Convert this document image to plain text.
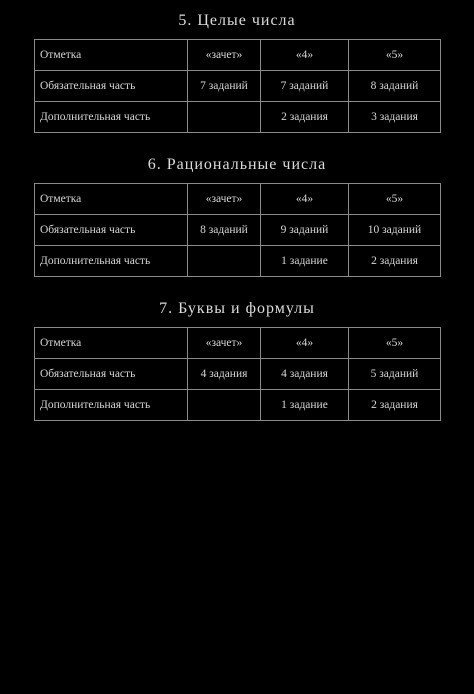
5. Целые числа
Отметка	«зачет»	«4»	«5»
Обязательная часть	7 заданий	7 заданий	8 заданий
Дополнительная часть		2 задания	3 задания
6. Рациональные числа
Отметка	«зачет»	«4»	«5»
Обязательная часть	8 заданий	9 заданий	10 заданий
Дополнительная часть		1 задание	2 задания
7. Буквы и формулы
Отметка	«зачет»	«4»	«5»
Обязательная часть	4 задания	4 задания	5 заданий
Дополнительная часть		1 задание	2 задания
